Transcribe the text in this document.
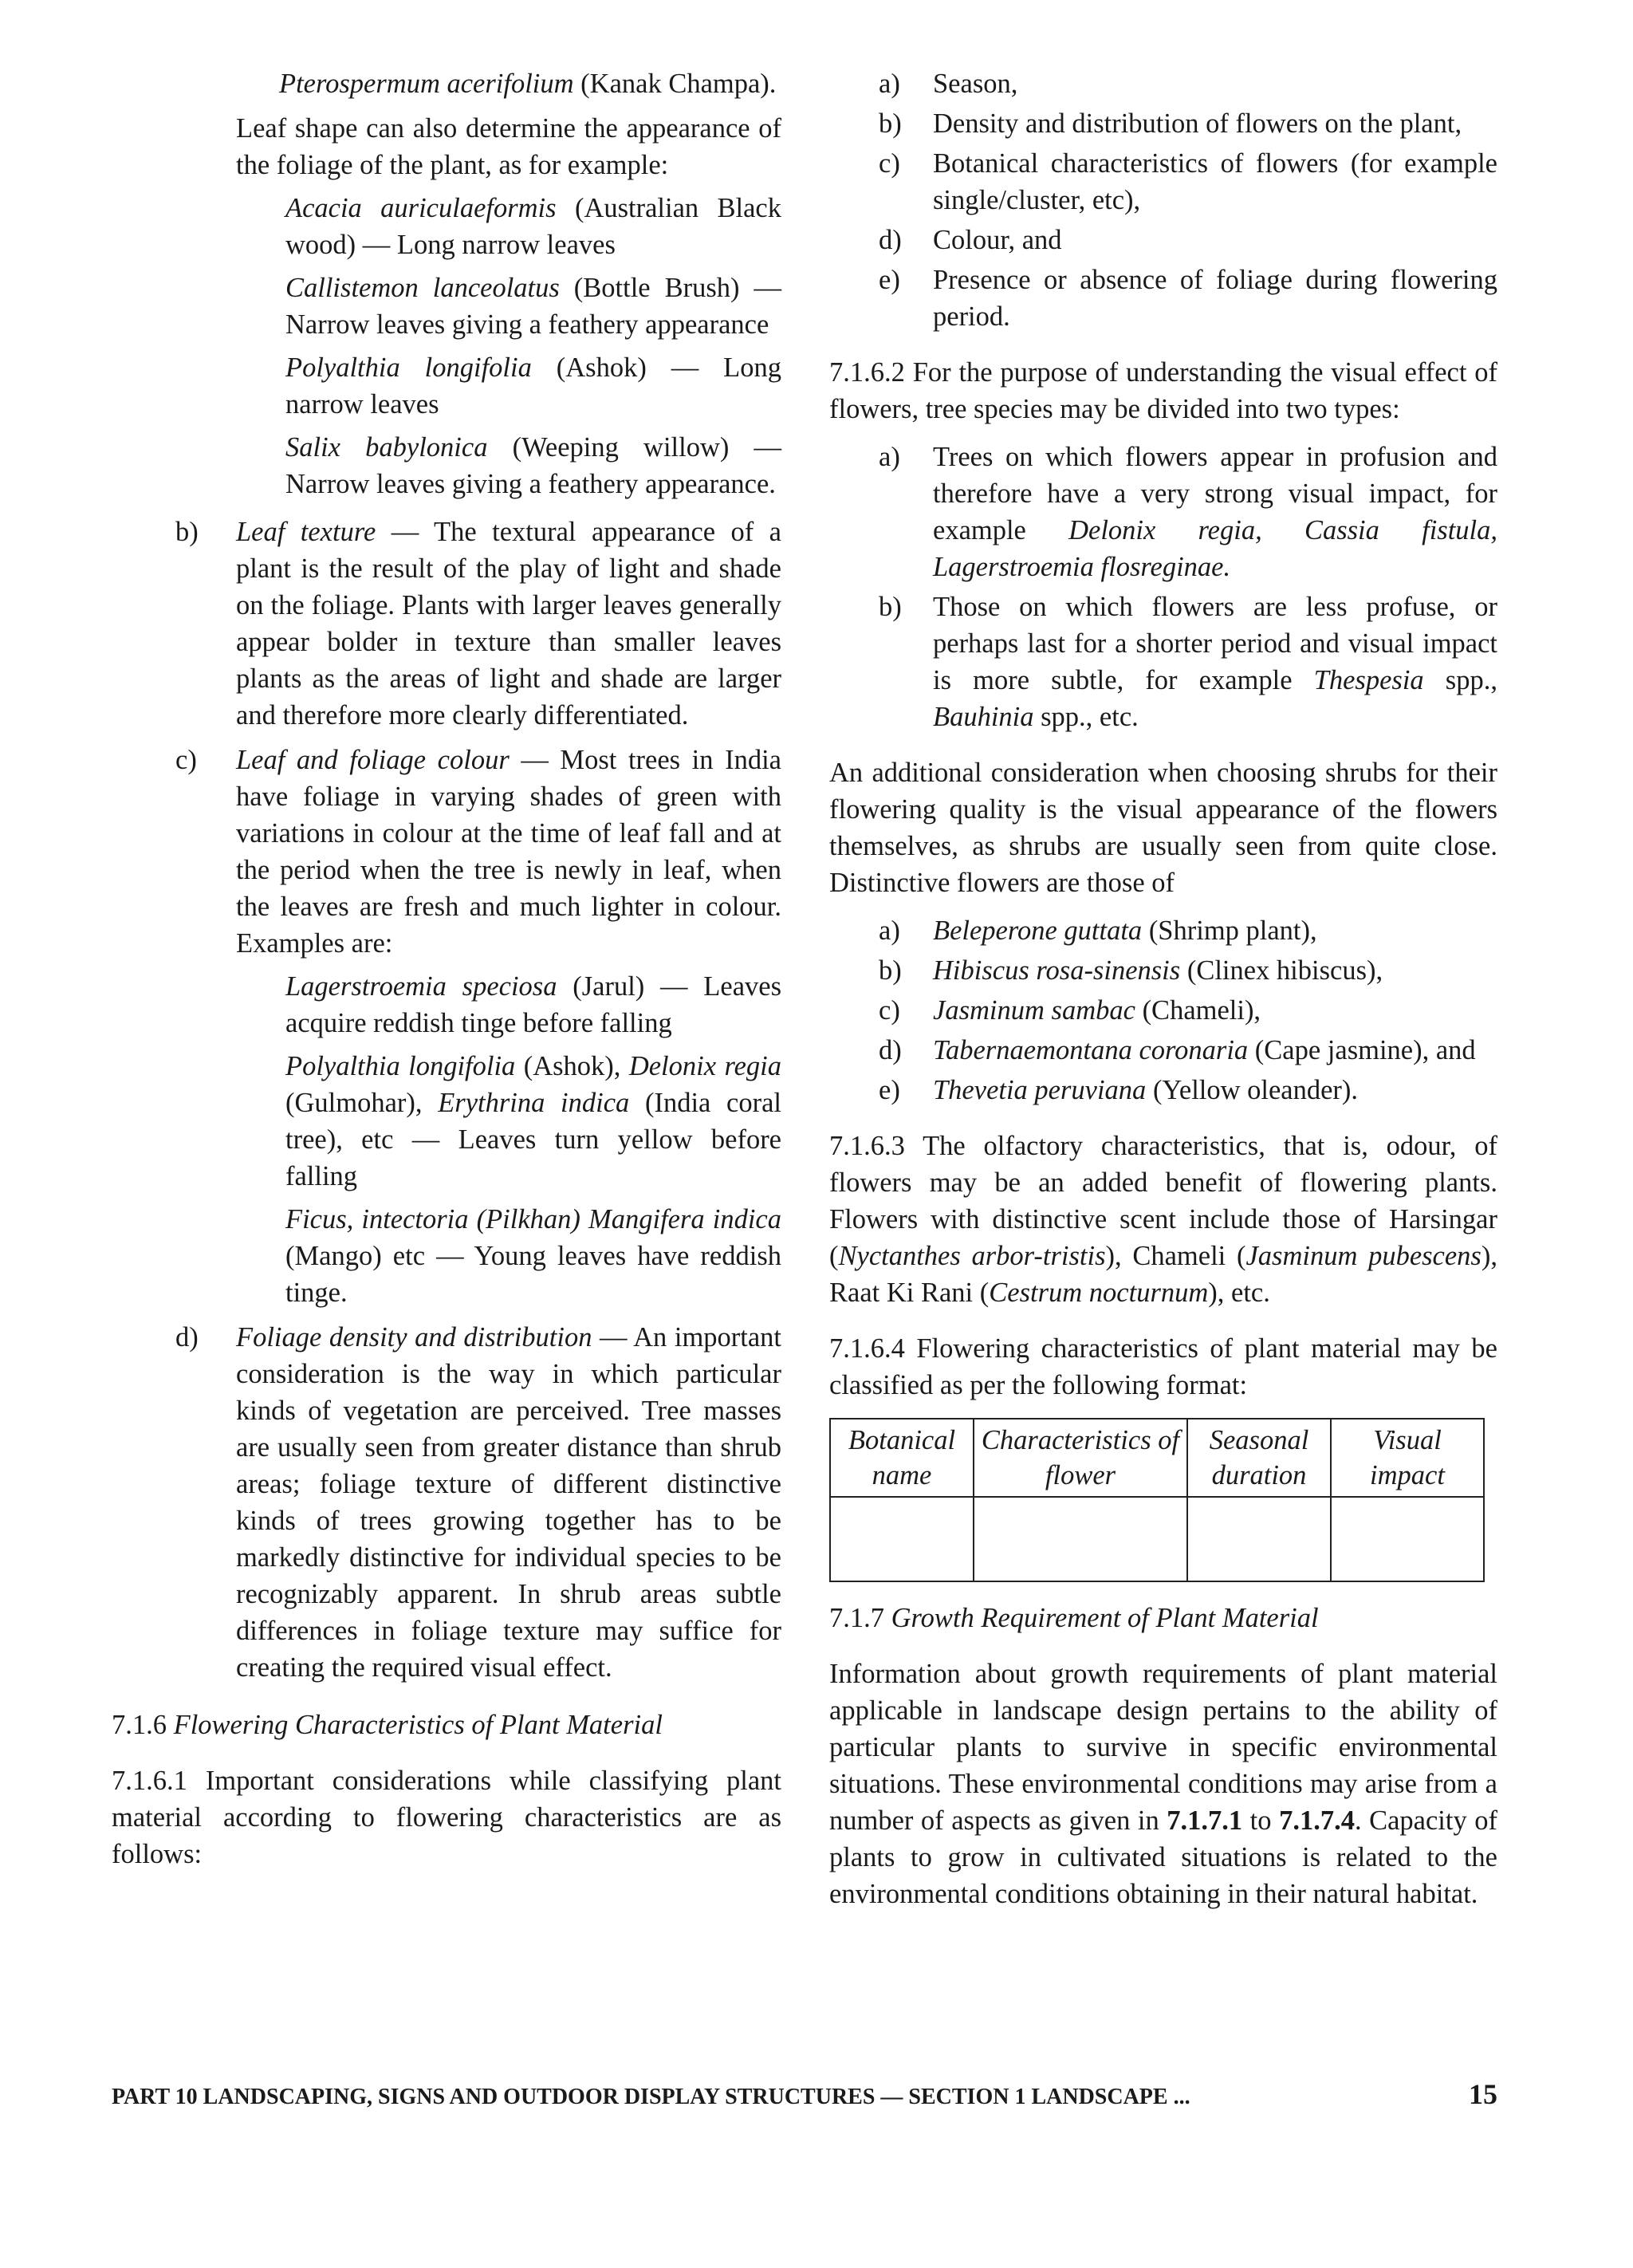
Pterospermum acerifolium (Kanak Champa).

Leaf shape can also determine the appearance of the foliage of the plant, as for example:

Acacia auriculaeformis (Australian Black wood) — Long narrow leaves

Callistemon lanceolatus (Bottle Brush) — Narrow leaves giving a feathery appearance

Polyalthia longifolia (Ashok) — Long narrow leaves

Salix babylonica (Weeping willow) — Narrow leaves giving a feathery appearance.

b) Leaf texture — The textural appearance of a plant is the result of the play of light and shade on the foliage. Plants with larger leaves generally appear bolder in texture than smaller leaves plants as the areas of light and shade are larger and therefore more clearly differentiated.
c) Leaf and foliage colour — Most trees in India have foliage in varying shades of green with variations in colour at the time of leaf fall and at the period when the tree is newly in leaf, when the leaves are fresh and much lighter in colour. Examples are:

Lagerstroemia speciosa (Jarul) — Leaves acquire reddish tinge before falling

Polyalthia longifolia (Ashok), Delonix regia (Gulmohar), Erythrina indica (India coral tree), etc — Leaves turn yellow before falling

Ficus, intectoria (Pilkhan) Mangifera indica (Mango) etc — Young leaves have reddish tinge.

d) Foliage density and distribution — An important consideration is the way in which particular kinds of vegetation are perceived. Tree masses are usually seen from greater distance than shrub areas; foliage texture of different distinctive kinds of trees growing together has to be markedly distinctive for individual species to be recognizably apparent. In shrub areas subtle differences in foliage texture may suffice for creating the required visual effect.

7.1.6 Flowering Characteristics of Plant Material

7.1.6.1 Important considerations while classifying plant material according to flowering characteristics are as follows:

a) Season,
b) Density and distribution of flowers on the plant,
c) Botanical characteristics of flowers (for example single/cluster, etc),
d) Colour, and
e) Presence or absence of foliage during flowering period.

7.1.6.2 For the purpose of understanding the visual effect of flowers, tree species may be divided into two types:

a) Trees on which flowers appear in profusion and therefore have a very strong visual impact, for example Delonix regia, Cassia fistula, Lagerstroemia flosreginae.
b) Those on which flowers are less profuse, or perhaps last for a shorter period and visual impact is more subtle, for example Thespesia spp., Bauhinia spp., etc.

An additional consideration when choosing shrubs for their flowering quality is the visual appearance of the flowers themselves, as shrubs are usually seen from quite close. Distinctive flowers are those of

a) Beleperone guttata (Shrimp plant),
b) Hibiscus rosa-sinensis (Clinex hibiscus),
c) Jasminum sambac (Chameli),
d) Tabernaemontana coronaria (Cape jasmine), and
e) Thevetia peruviana (Yellow oleander).

7.1.6.3 The olfactory characteristics, that is, odour, of flowers may be an added benefit of flowering plants. Flowers with distinctive scent include those of Harsingar (Nyctanthes arbor-tristis), Chameli (Jasminum pubescens), Raat Ki Rani (Cestrum nocturnum), etc.

7.1.6.4 Flowering characteristics of plant material may be classified as per the following format:

Botanical name	Characteristics of flower	Seasonal duration	Visual impact

7.1.7 Growth Requirement of Plant Material

Information about growth requirements of plant material applicable in landscape design pertains to the ability of particular plants to survive in specific environmental situations. These environmental conditions may arise from a number of aspects as given in 7.1.7.1 to 7.1.7.4. Capacity of plants to grow in cultivated situations is related to the environmental conditions obtaining in their natural habitat.

PART 10 LANDSCAPING, SIGNS AND OUTDOOR DISPLAY STRUCTURES — SECTION 1 LANDSCAPE ...	15
